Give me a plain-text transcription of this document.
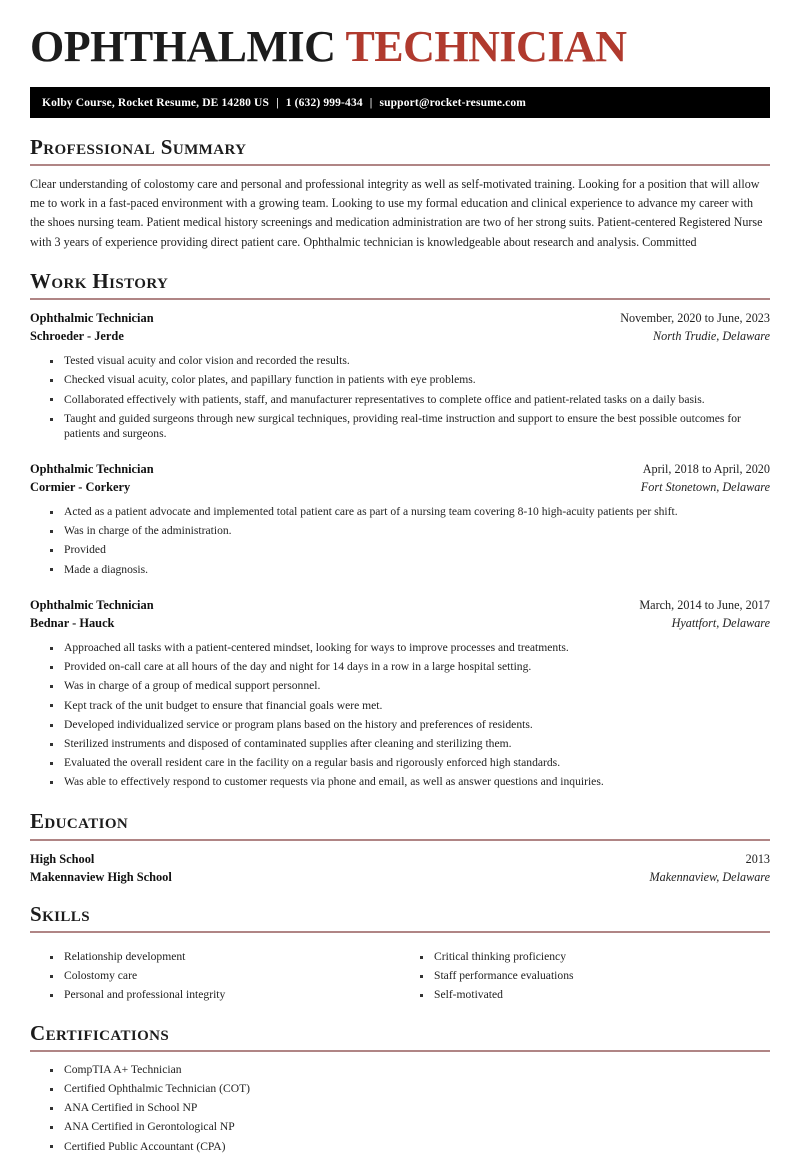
OPHTHALMIC TECHNICIAN
Kolby Course, Rocket Resume, DE 14280 US | 1 (632) 999-434 | support@rocket-resume.com
Professional Summary
Clear understanding of colostomy care and personal and professional integrity as well as self-motivated training. Looking for a position that will allow me to work in a fast-paced environment with a growing team. Looking to use my formal education and clinical experience to advance my career with the shoes nursing team. Patient medical history screenings and medication administration are two of her strong suits. Patient-centered Registered Nurse with 3 years of experience providing direct patient care. Ophthalmic technician is knowledgeable about research and analysis. Committed
Work History
Ophthalmic Technician	November, 2020 to June, 2023
Schroeder - Jerde	North Trudie, Delaware
Tested visual acuity and color vision and recorded the results.
Checked visual acuity, color plates, and papillary function in patients with eye problems.
Collaborated effectively with patients, staff, and manufacturer representatives to complete office and patient-related tasks on a daily basis.
Taught and guided surgeons through new surgical techniques, providing real-time instruction and support to ensure the best possible outcomes for patients and surgeons.
Ophthalmic Technician	April, 2018 to April, 2020
Cormier - Corkery	Fort Stonetown, Delaware
Acted as a patient advocate and implemented total patient care as part of a nursing team covering 8-10 high-acuity patients per shift.
Was in charge of the administration.
Provided
Made a diagnosis.
Ophthalmic Technician	March, 2014 to June, 2017
Bednar - Hauck	Hyattfort, Delaware
Approached all tasks with a patient-centered mindset, looking for ways to improve processes and treatments.
Provided on-call care at all hours of the day and night for 14 days in a row in a large hospital setting.
Was in charge of a group of medical support personnel.
Kept track of the unit budget to ensure that financial goals were met.
Developed individualized service or program plans based on the history and preferences of residents.
Sterilized instruments and disposed of contaminated supplies after cleaning and sterilizing them.
Evaluated the overall resident care in the facility on a regular basis and rigorously enforced high standards.
Was able to effectively respond to customer requests via phone and email, as well as answer questions and inquiries.
Education
High School	2013
Makennaview High School	Makennaview, Delaware
Skills
Relationship development
Colostomy care
Personal and professional integrity
Critical thinking proficiency
Staff performance evaluations
Self-motivated
Certifications
CompTIA A+ Technician
Certified Ophthalmic Technician (COT)
ANA Certified in School NP
ANA Certified in Gerontological NP
Certified Public Accountant (CPA)
